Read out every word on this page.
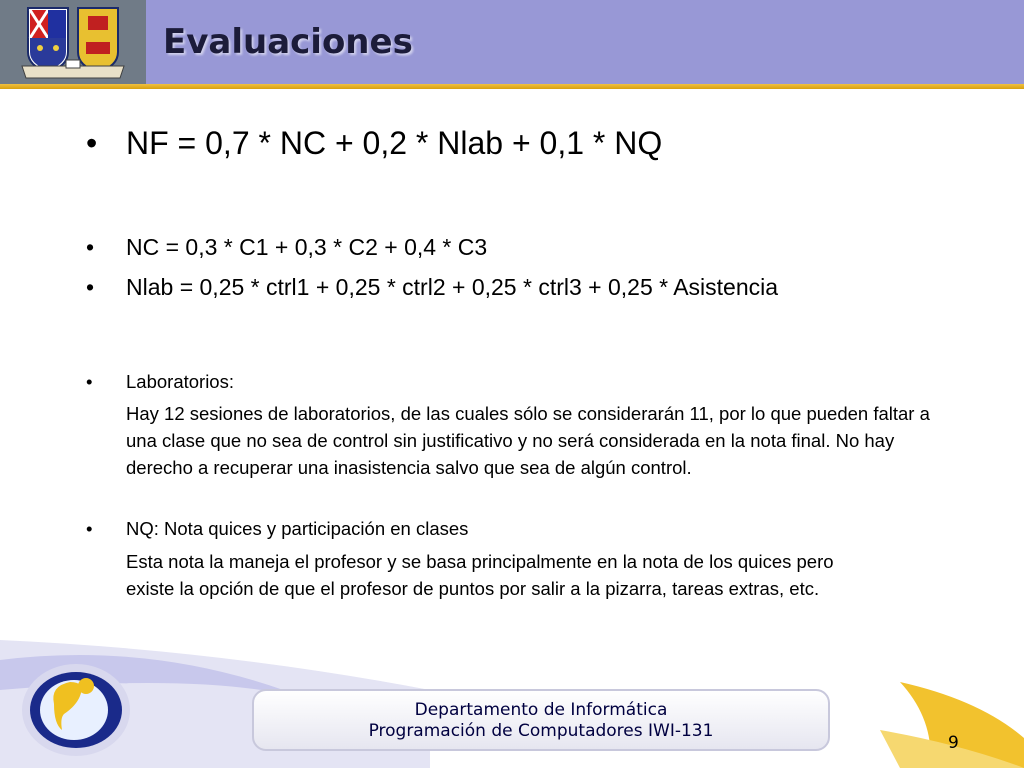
Evaluaciones
• NF = 0,7 * NC + 0,2 * Nlab + 0,1 * NQ
•	NC = 0,3 * C1 + 0,3 * C2 + 0,4 * C3
•	Nlab = 0,25 * ctrl1 + 0,25 * ctrl2 + 0,25 * ctrl3 + 0,25 * Asistencia
•	Laboratorios:

Hay 12 sesiones de laboratorios, de las cuales sólo se considerarán 11, por lo que pueden faltar a una clase que no sea de control sin justificativo y no será considerada en la nota final. No hay derecho a recuperar una inasistencia salvo que sea de algún control.

•	NQ: Nota quices y participación en clases

Esta nota la maneja el profesor y se basa principalmente en la nota de los quices pero existe la opción de que el profesor de puntos por salir a la pizarra, tareas extras, etc.

Departamento de Informática
Programación de Computadores IWI-131
9
